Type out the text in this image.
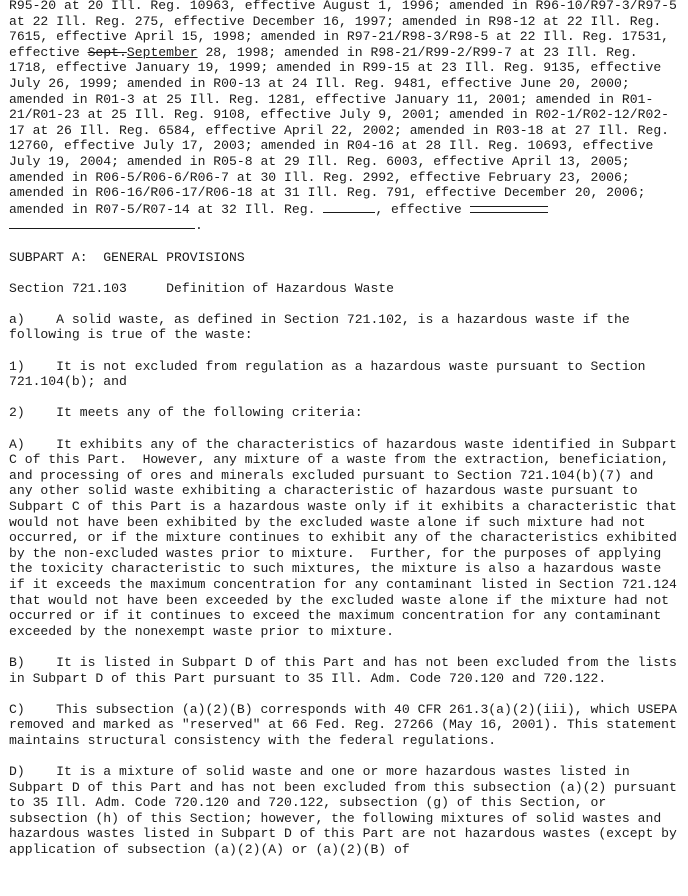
R95-20 at 20 Ill. Reg. 10963, effective August 1, 1996; amended in R96-10/R97-3/R97-5 at 22 Ill. Reg. 275, effective December 16, 1997; amended in R98-12 at 22 Ill. Reg. 7615, effective April 15, 1998; amended in R97-21/R98-3/R98-5 at 22 Ill. Reg. 17531, effective Sept.September 28, 1998; amended in R98-21/R99-2/R99-7 at 23 Ill. Reg. 1718, effective January 19, 1999; amended in R99-15 at 23 Ill. Reg. 9135, effective July 26, 1999; amended in R00-13 at 24 Ill. Reg. 9481, effective June 20, 2000; amended in R01-3 at 25 Ill. Reg. 1281, effective January 11, 2001; amended in R01-21/R01-23 at 25 Ill. Reg. 9108, effective July 9, 2001; amended in R02-1/R02-12/R02-17 at 26 Ill. Reg. 6584, effective April 22, 2002; amended in R03-18 at 27 Ill. Reg. 12760, effective July 17, 2003; amended in R04-16 at 28 Ill. Reg. 10693, effective July 19, 2004; amended in R05-8 at 29 Ill. Reg. 6003, effective April 13, 2005; amended in R06-5/R06-6/R06-7 at 30 Ill. Reg. 2992, effective February 23, 2006; amended in R06-16/R06-17/R06-18 at 31 Ill. Reg. 791, effective December 20, 2006; amended in R07-5/R07-14 at 32 Ill. Reg.	, effective .

SUBPART A:  GENERAL PROVISIONS

Section 721.103     Definition of Hazardous Waste

a)    A solid waste, as defined in Section 721.102, is a hazardous waste if the following is true of the waste:

1)    It is not excluded from regulation as a hazardous waste pursuant to Section 721.104(b); and

2)    It meets any of the following criteria:

A)    It exhibits any of the characteristics of hazardous waste identified in Subpart C of this Part.  However, any mixture of a waste from the extraction, beneficiation, and processing of ores and minerals excluded pursuant to Section 721.104(b)(7) and any other solid waste exhibiting a characteristic of hazardous waste pursuant to Subpart C of this Part is a hazardous waste only if it exhibits a characteristic that would not have been exhibited by the excluded waste alone if such mixture had not occurred, or if the mixture continues to exhibit any of the characteristics exhibited by the non-excluded wastes prior to mixture.  Further, for the purposes of applying the toxicity characteristic to such mixtures, the mixture is also a hazardous waste if it exceeds the maximum concentration for any contaminant listed in Section 721.124 that would not have been exceeded by the excluded waste alone if the mixture had not occurred or if it continues to exceed the maximum concentration for any contaminant exceeded by the nonexempt waste prior to mixture.

B)    It is listed in Subpart D of this Part and has not been excluded from the lists in Subpart D of this Part pursuant to 35 Ill. Adm. Code 720.120 and 720.122.

C)    This subsection (a)(2)(B) corresponds with 40 CFR 261.3(a)(2)(iii), which USEPA removed and marked as "reserved" at 66 Fed. Reg. 27266 (May 16, 2001). This statement maintains structural consistency with the federal regulations.

D)    It is a mixture of solid waste and one or more hazardous wastes listed in Subpart D of this Part and has not been excluded from this subsection (a)(2) pursuant to 35 Ill. Adm. Code 720.120 and 720.122, subsection (g) of this Section, or subsection (h) of this Section; however, the following mixtures of solid wastes and hazardous wastes listed in Subpart D of this Part are not hazardous wastes (except by application of subsection (a)(2)(A) or (a)(2)(B) of
